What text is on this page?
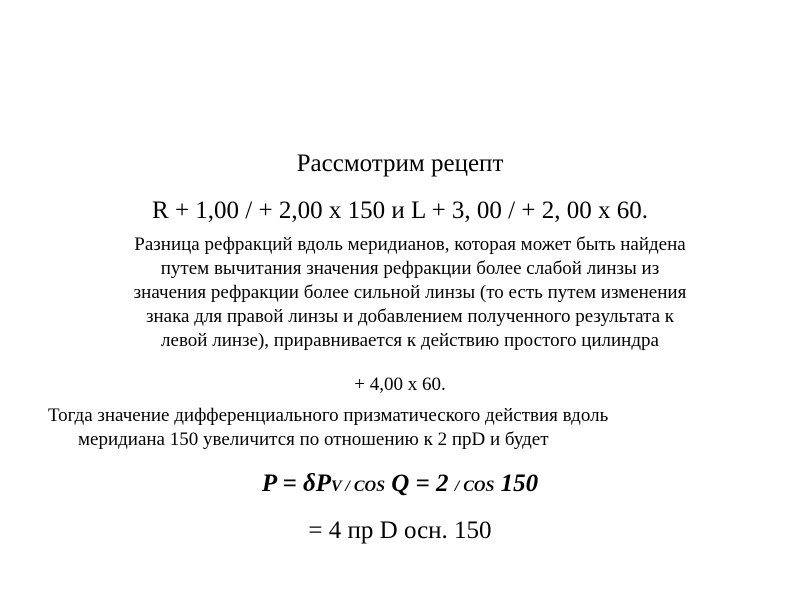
Рассмотрим рецепт
R + 1,00 / + 2,00 х 150 и L + 3, 00 / + 2, 00 х 60.
Разница рефракций вдоль меридианов, которая может быть найдена
путем вычитания значения рефракции более слабой линзы из
значения рефракции более сильной линзы (то есть путем изменения
знака для правой линзы и добавлением полученного результата к
левой линзе), приравнивается к действию простого цилиндра
+ 4,00 х 60.
Тогда значение дифференциального призматического действия вдоль
меридиана 150 увеличится по отношению к 2 прD и будет
P = δPV / COS Q = 2 / COS 150
= 4 пр D осн. 150
